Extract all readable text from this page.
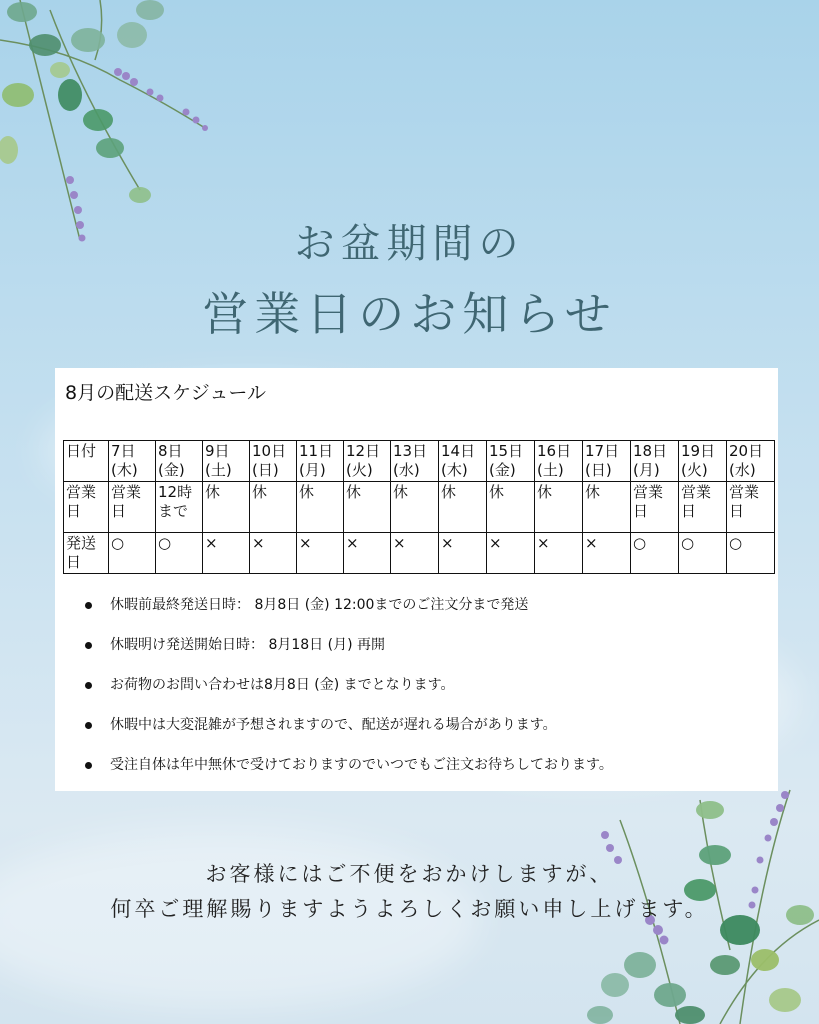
お盆期間の
営業日のお知らせ
8月の配送スケジュール
日付	7日(木)	8日(金)	9日(土)	10日(日)	11日(月)	12日(火)	13日(水)	14日(木)	15日(金)	16日(土)	17日(日)	18日(月)	19日(火)	20日(水)
営業日	営業日	12時まで	休	休	休	休	休	休	休	休	休	営業日	営業日	営業日
発送日	○	○	×	×	×	×	×	×	×	×	×	○	○	○
休暇前最終発送日時： 8月8日 (金) 12:00までのご注文分まで発送
休暇明け発送開始日時： 8月18日 (月) 再開
お荷物のお問い合わせは8月8日 (金) までとなります。
休暇中は大変混雑が予想されますので、配送が遅れる場合があります。
受注自体は年中無休で受けておりますのでいつでもご注文お待ちしております。
お客様にはご不便をおかけしますが、
何卒ご理解賜りますようよろしくお願い申し上げます。
